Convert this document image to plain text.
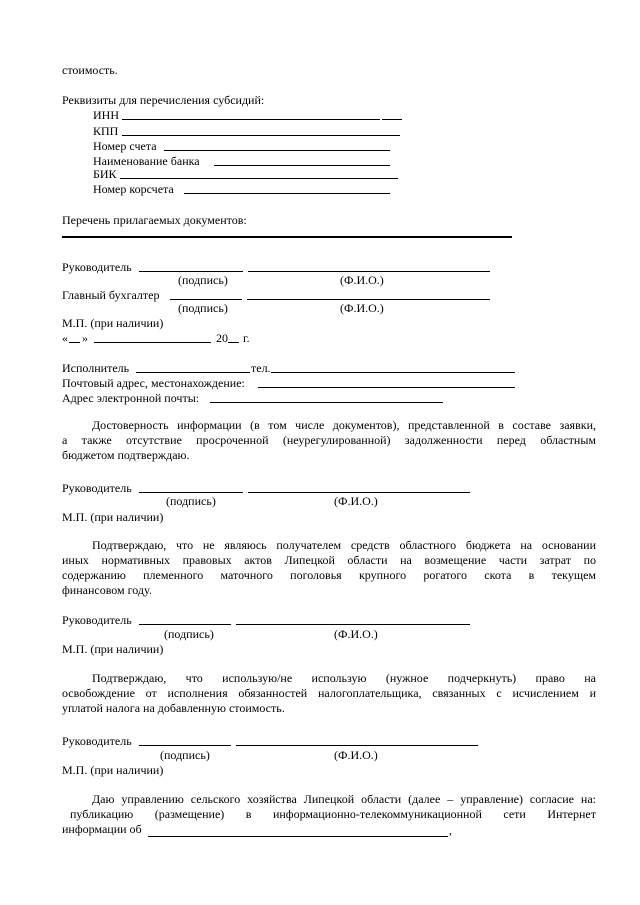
стоимость.
Реквизиты для перечисления субсидий:
ИНН
КПП
Номер счета
Наименование банка
БИК
Номер корсчета
Перечень прилагаемых документов:
Руководитель
(подпись)	(Ф.И.О.)
Главный бухгалтер
(подпись)	(Ф.И.О.)
М.П. (при наличии)
« »	20 г.
Исполнитель	тел.
Почтовый адрес, местонахождение:
Адрес электронной почты:
Достоверность информации (в том числе документов), представленной в составе заявки,
а также отсутствие просроченной (неурегулированной) задолженности перед областным
бюджетом подтверждаю.
Руководитель
(подпись)	(Ф.И.О.)
М.П. (при наличии)
Подтверждаю, что не являюсь получателем средств областного бюджета на основании
иных нормативных правовых актов Липецкой области на возмещение части затрат по
содержанию племенного маточного поголовья крупного рогатого скота в текущем
финансовом году.
Руководитель
(подпись)	(Ф.И.О.)
М.П. (при наличии)
Подтверждаю, что использую/не использую (нужное подчеркнуть) право на
освобождение от исполнения обязанностей налогоплательщика, связанных с исчислением и
уплатой налога на добавленную стоимость.
Руководитель
(подпись)	(Ф.И.О.)
М.П. (при наличии)
Даю управлению сельского хозяйства Липецкой области (далее – управление) согласие на:
публикацию (размещение) в информационно-телекоммуникационной сети Интернет
информации об	,
